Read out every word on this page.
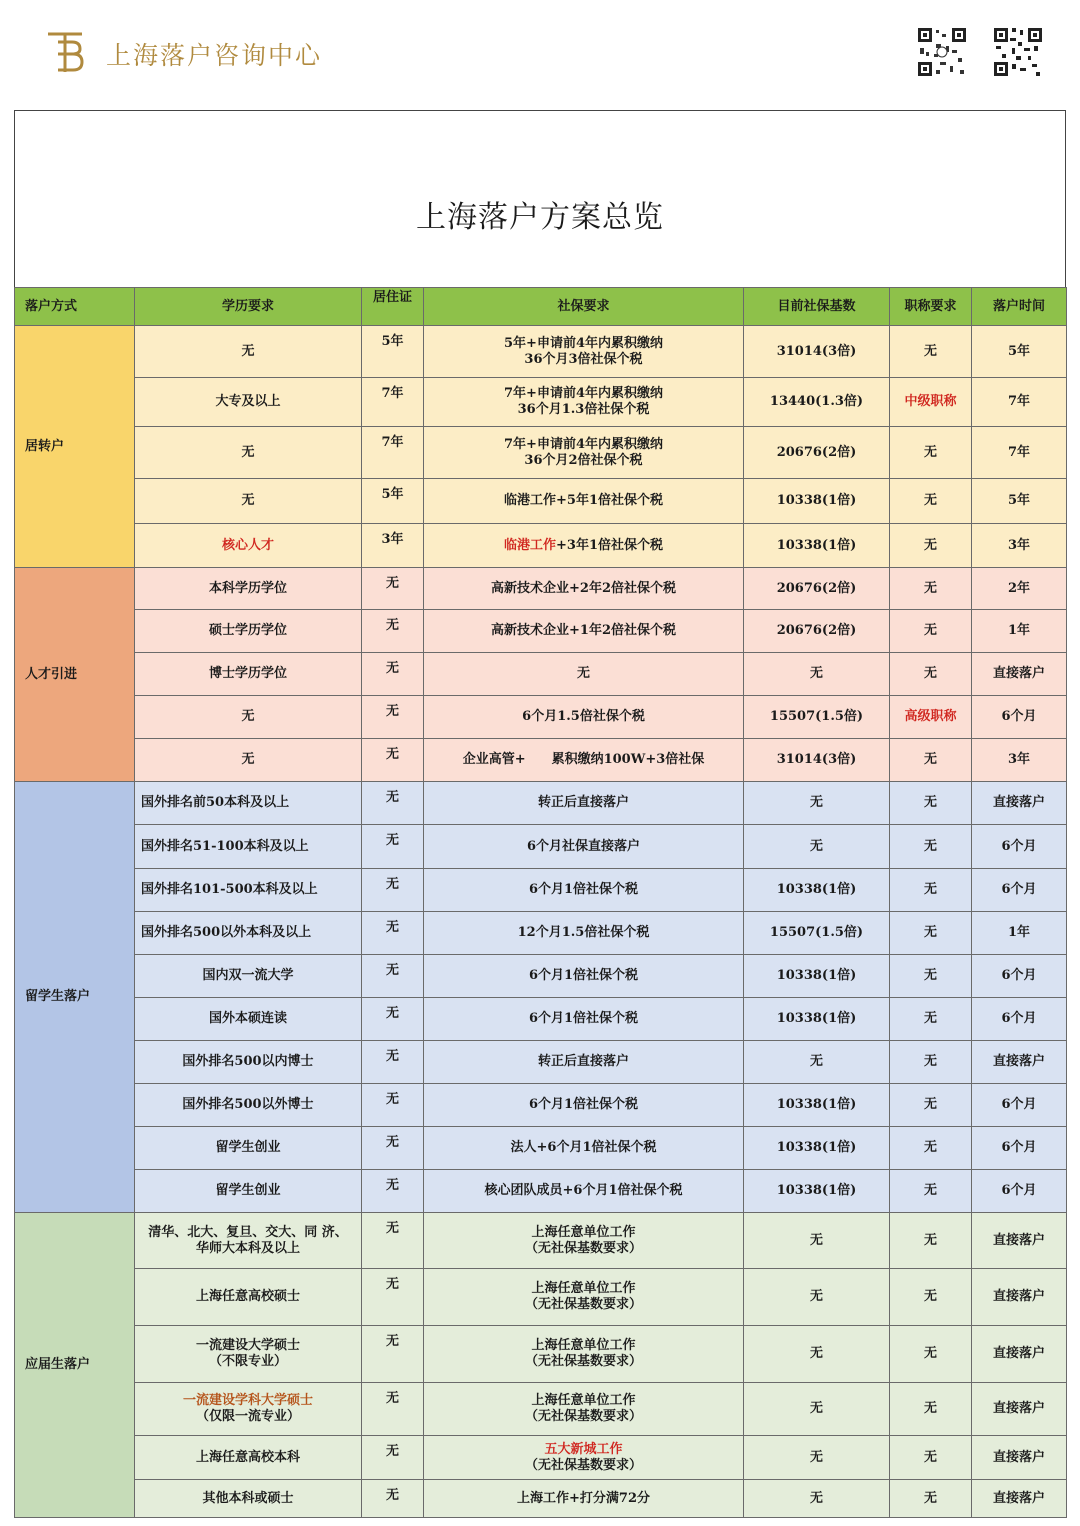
上海落户咨询中心
上海落户方案总览
落户方式	学历要求	居住证	社保要求	目前社保基数	职称要求	落户时间
居转户	无	5年	5年+申请前4年内累积缴纳
36个月3倍社保个税	31014(3倍)	无	5年
	大专及以上	7年	7年+申请前4年内累积缴纳
36个月1.3倍社保个税	13440(1.3倍)	中级职称	7年
	无	7年	7年+申请前4年内累积缴纳
36个月2倍社保个税	20676(2倍)	无	7年
	无	5年	临港工作+5年1倍社保个税	10338(1倍)	无	5年
	核心人才	3年	临港工作+3年1倍社保个税	10338(1倍)	无	3年
人才引进	本科学历学位	无	高新技术企业+2年2倍社保个税	20676(2倍)	无	2年
	硕士学历学位	无	高新技术企业+1年2倍社保个税	20676(2倍)	无	1年
	博士学历学位	无	无	无	无	直接落户
	无	无	6个月1.5倍社保个税	15507(1.5倍)	高级职称	6个月
	无	无	企业高管+　　累积缴纳100W+3倍社保	31014(3倍)	无	3年
留学生落户	国外排名前50本科及以上	无	转正后直接落户	无	无	直接落户
	国外排名51-100本科及以上	无	6个月社保直接落户	无	无	6个月
	国外排名101-500本科及以上	无	6个月1倍社保个税	10338(1倍)	无	6个月
	国外排名500以外本科及以上	无	12个月1.5倍社保个税	15507(1.5倍)	无	1年
	国内双一流大学	无	6个月1倍社保个税	10338(1倍)	无	6个月
	国外本硕连读	无	6个月1倍社保个税	10338(1倍)	无	6个月
	国外排名500以内博士	无	转正后直接落户	无	无	直接落户
	国外排名500以外博士	无	6个月1倍社保个税	10338(1倍)	无	6个月
	留学生创业	无	法人+6个月1倍社保个税	10338(1倍)	无	6个月
	留学生创业	无	核心团队成员+6个月1倍社保个税	10338(1倍)	无	6个月
应届生落户	清华、北大、复旦、交大、同 济、
华师大本科及以上	无	上海任意单位工作
（无社保基数要求）	无	无	直接落户
	上海任意高校硕士	无	上海任意单位工作
（无社保基数要求）	无	无	直接落户
	一流建设大学硕士
（不限专业）	无	上海任意单位工作
（无社保基数要求）	无	无	直接落户
	一流建设学科大学硕士
（仅限一流专业）	无	上海任意单位工作
（无社保基数要求）	无	无	直接落户
	上海任意高校本科	无	五大新城工作
（无社保基数要求）	无	无	直接落户
	其他本科或硕士	无	上海工作+打分满72分	无	无	直接落户
